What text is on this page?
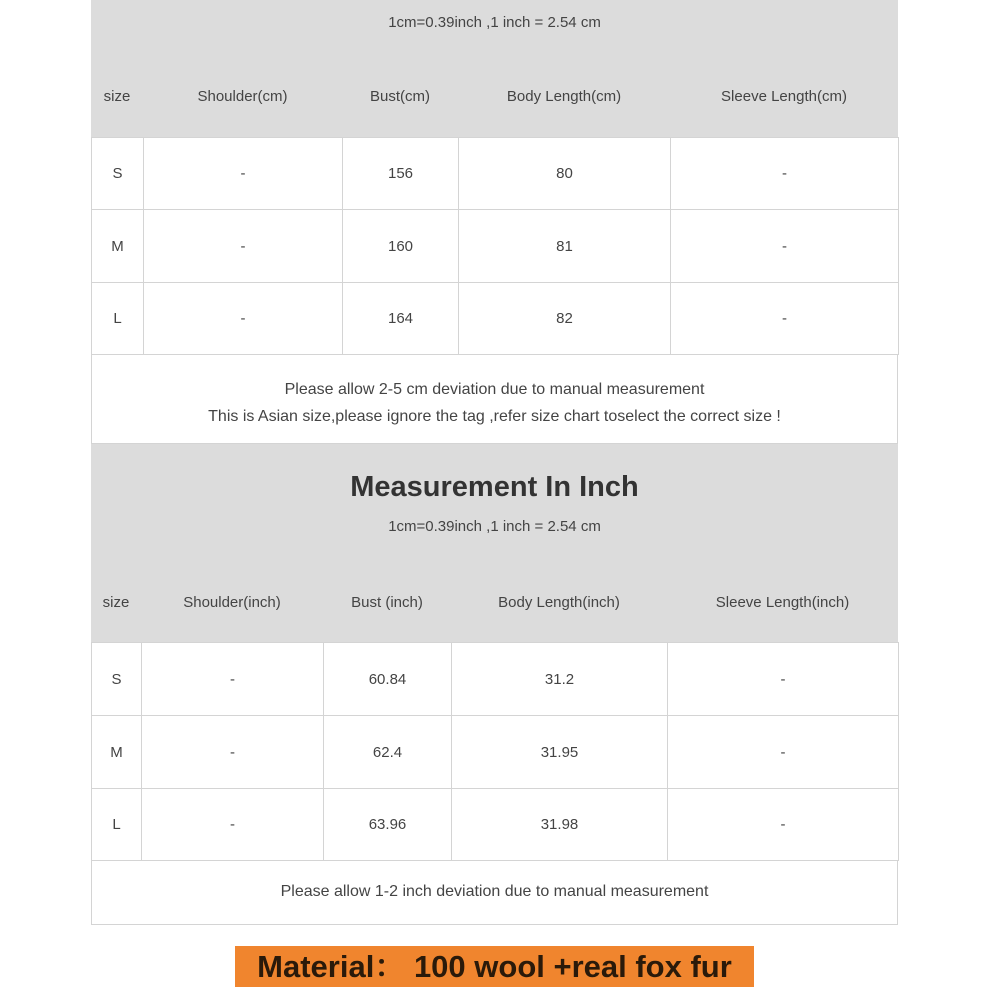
1cm=0.39inch ,1 inch = 2.54 cm
size	Shoulder(cm)	Bust(cm)	Body Length(cm)	Sleeve Length(cm)
S	-	156	80	-
M	-	160	81	-
L	-	164	82	-
Please allow 2-5 cm deviation due to manual measurement
This is Asian size,please ignore the tag ,refer size chart toselect the correct size !
Measurement In Inch
1cm=0.39inch ,1 inch = 2.54 cm
size	Shoulder(inch)	Bust (inch)	Body Length(inch)	Sleeve Length(inch)
S	-	60.84	31.2	-
M	-	62.4	31.95	-
L	-	63.96	31.98	-
Please allow 1-2 inch deviation due to manual measurement
Material： 100 wool +real fox fur
